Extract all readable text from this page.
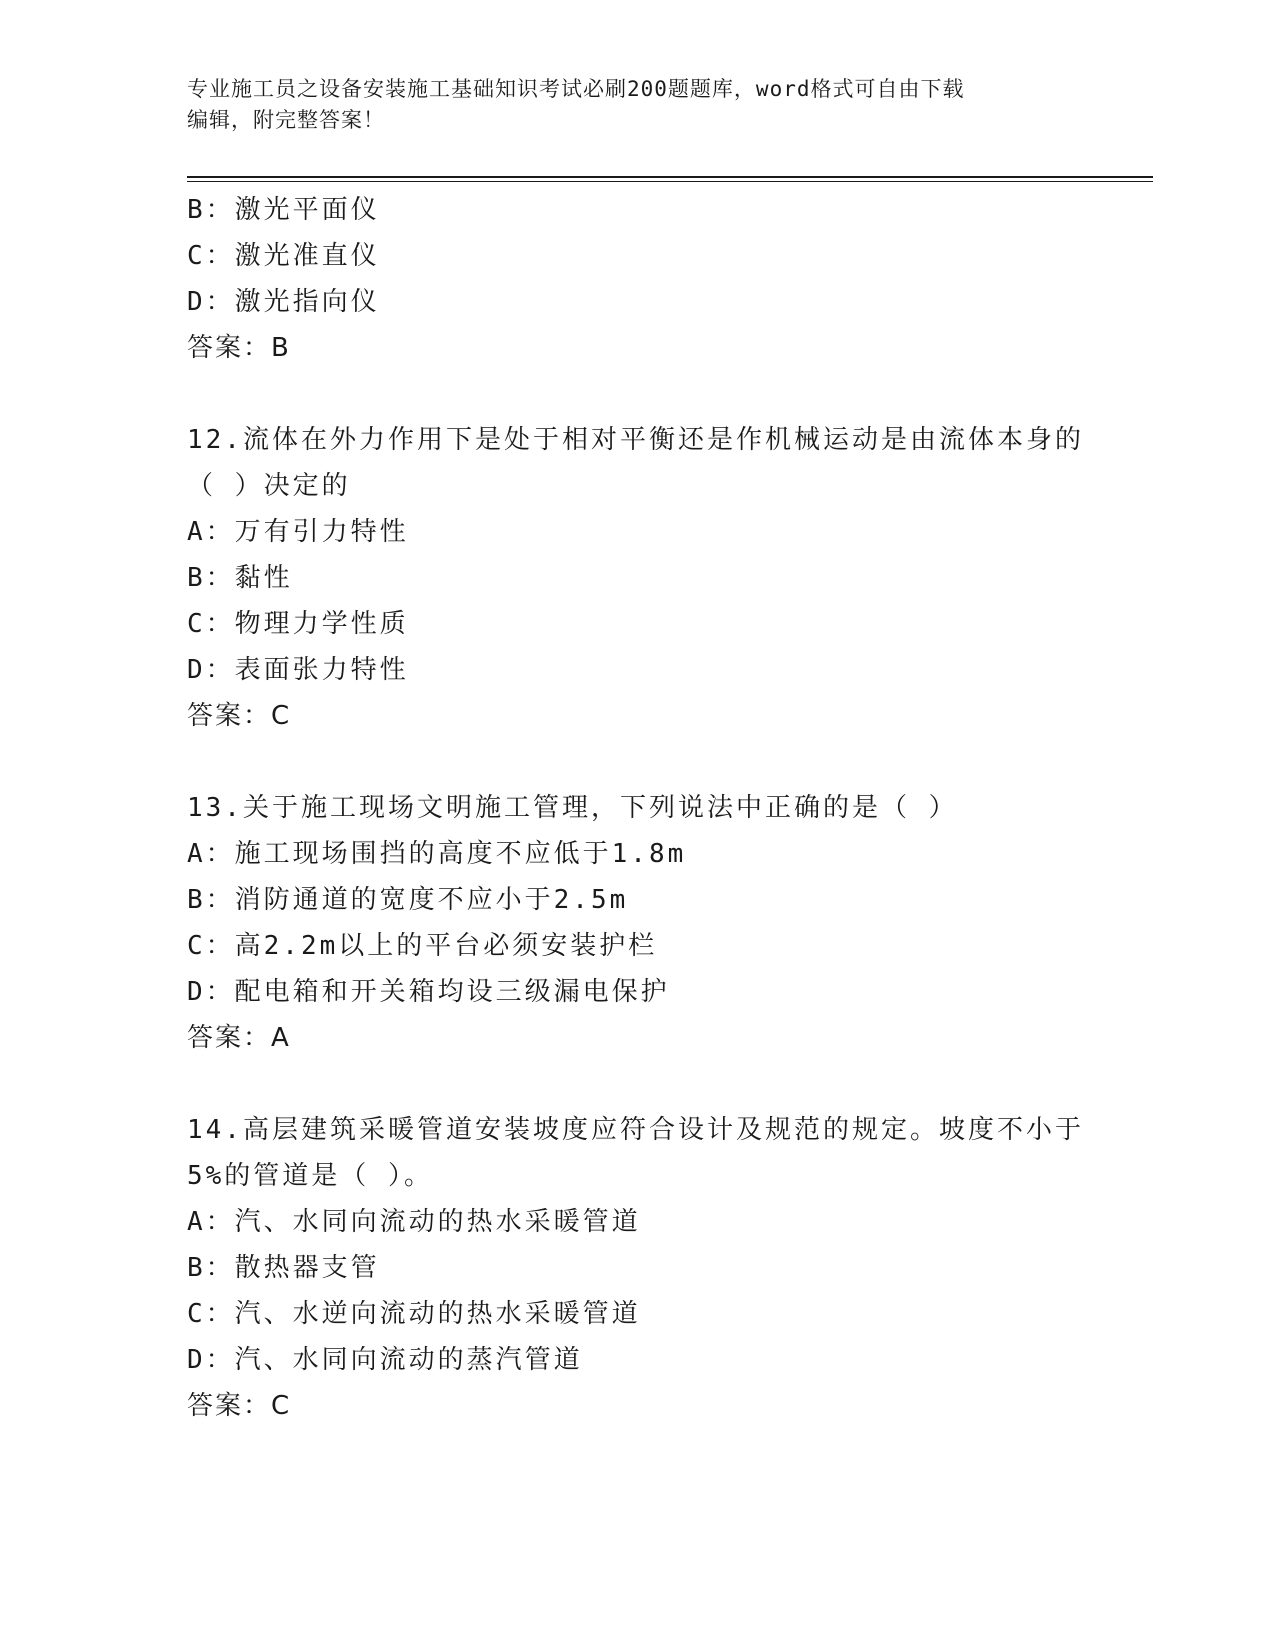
专业施工员之设备安装施工基础知识考试必刷200题题库，word格式可自由下载
编辑，附完整答案！
B：激光平面仪
C：激光准直仪
D：激光指向仪
答案：B
12.流体在外力作用下是处于相对平衡还是作机械运动是由流体本身的
（ ）决定的
A：万有引力特性
B：黏性
C：物理力学性质
D：表面张力特性
答案：C
13.关于施工现场文明施工管理，下列说法中正确的是（ ）
A：施工现场围挡的高度不应低于1.8m
B：消防通道的宽度不应小于2.5m
C：高2.2m以上的平台必须安装护栏
D：配电箱和开关箱均设三级漏电保护
答案：A
14.高层建筑采暖管道安装坡度应符合设计及规范的规定。坡度不小于
5%的管道是（ ）。
A：汽、水同向流动的热水采暖管道
B：散热器支管
C：汽、水逆向流动的热水采暖管道
D：汽、水同向流动的蒸汽管道
答案：C
